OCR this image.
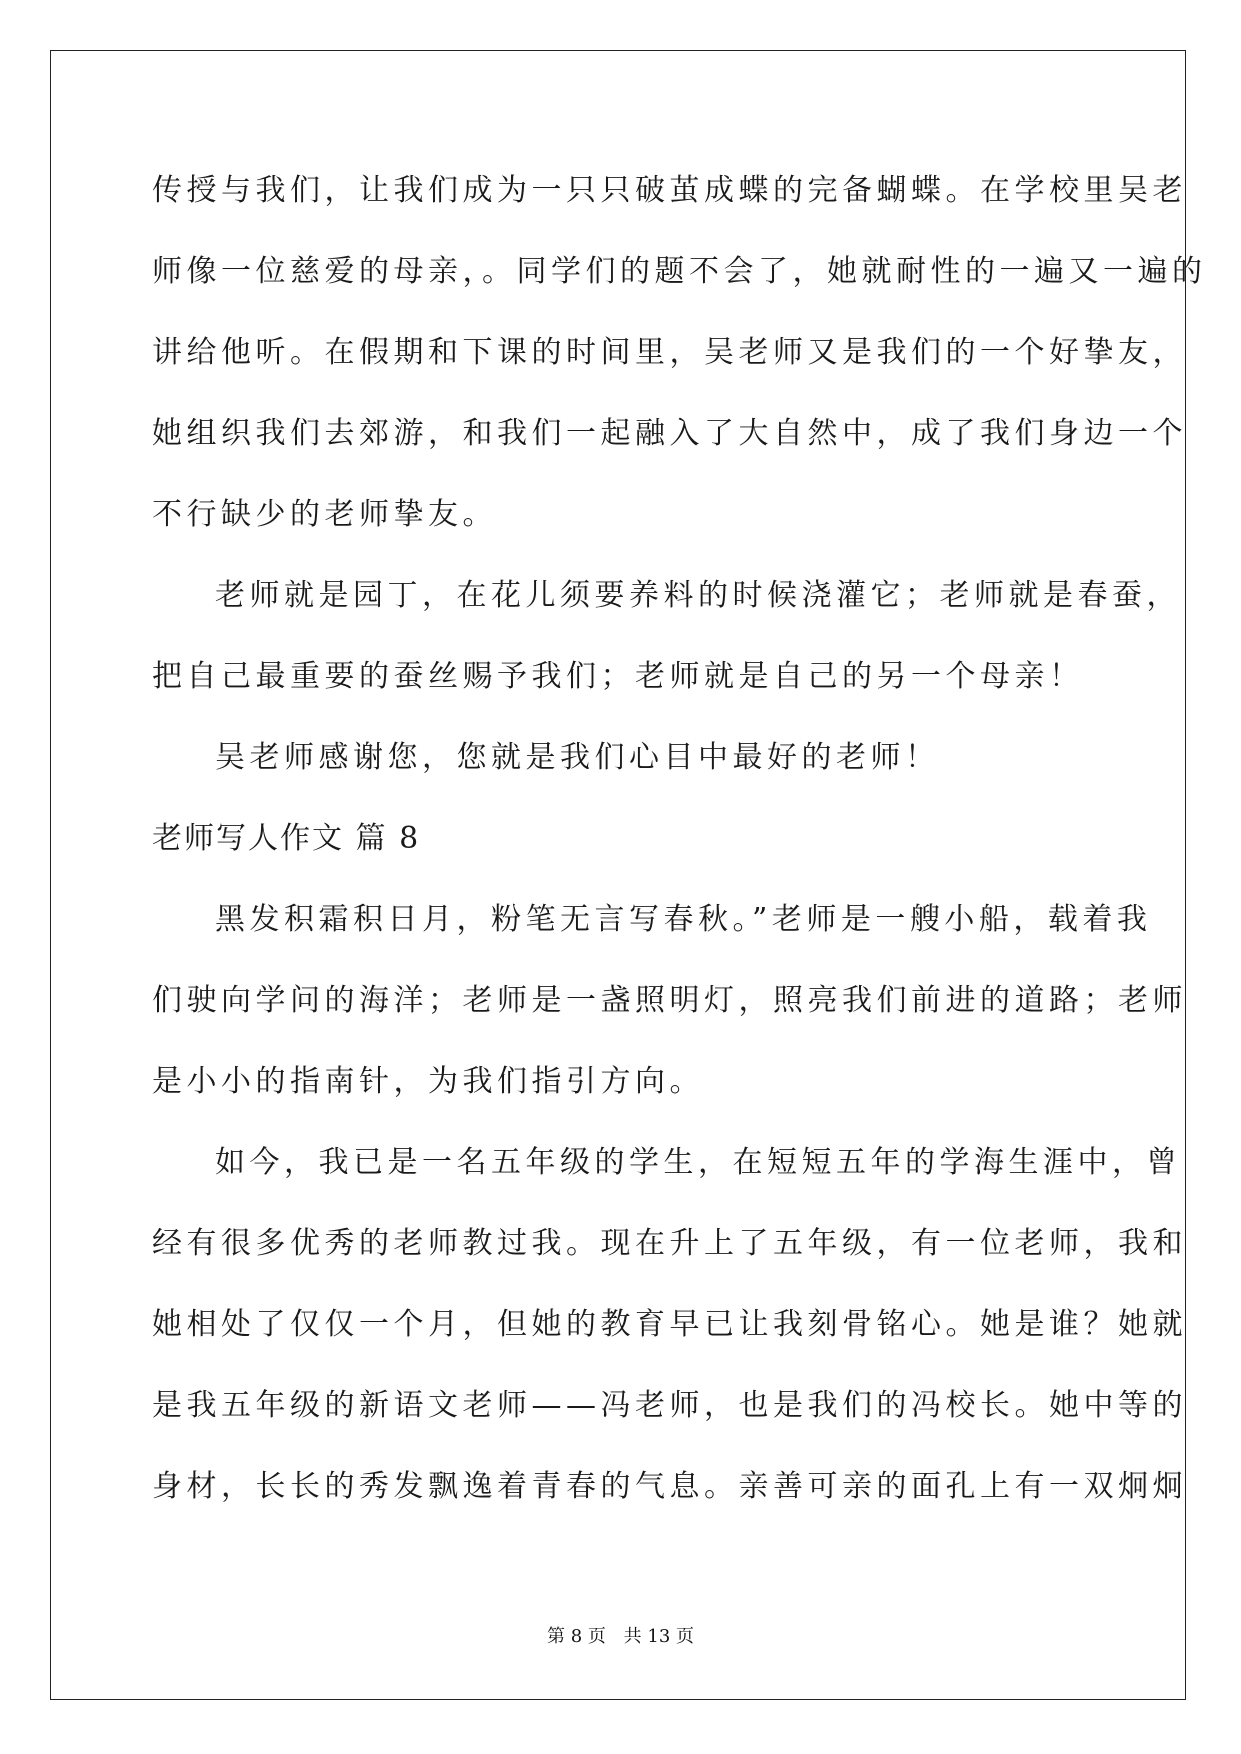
传授与我们，让我们成为一只只破茧成蝶的完备蝴蝶。在学校里吴老
师像一位慈爱的母亲，。同学们的题不会了，她就耐性的一遍又一遍的
讲给他听。在假期和下课的时间里，吴老师又是我们的一个好挚友，
她组织我们去郊游，和我们一起融入了大自然中，成了我们身边一个
不行缺少的老师挚友。
老师就是园丁，在花儿须要养料的时候浇灌它；老师就是春蚕，
把自己最重要的蚕丝赐予我们；老师就是自己的另一个母亲！
吴老师感谢您，您就是我们心目中最好的老师！
老师写人作文 篇 8
黑发积霜积日月，粉笔无言写春秋。”老师是一艘小船，载着我
们驶向学问的海洋；老师是一盏照明灯，照亮我们前进的道路；老师
是小小的指南针，为我们指引方向。
如今，我已是一名五年级的学生，在短短五年的学海生涯中，曾
经有很多优秀的老师教过我。现在升上了五年级，有一位老师，我和
她相处了仅仅一个月，但她的教育早已让我刻骨铭心。她是谁？她就
是我五年级的新语文老师——冯老师，也是我们的冯校长。她中等的
身材，长长的秀发飘逸着青春的气息。亲善可亲的面孔上有一双炯炯
第 8 页 共 13 页
